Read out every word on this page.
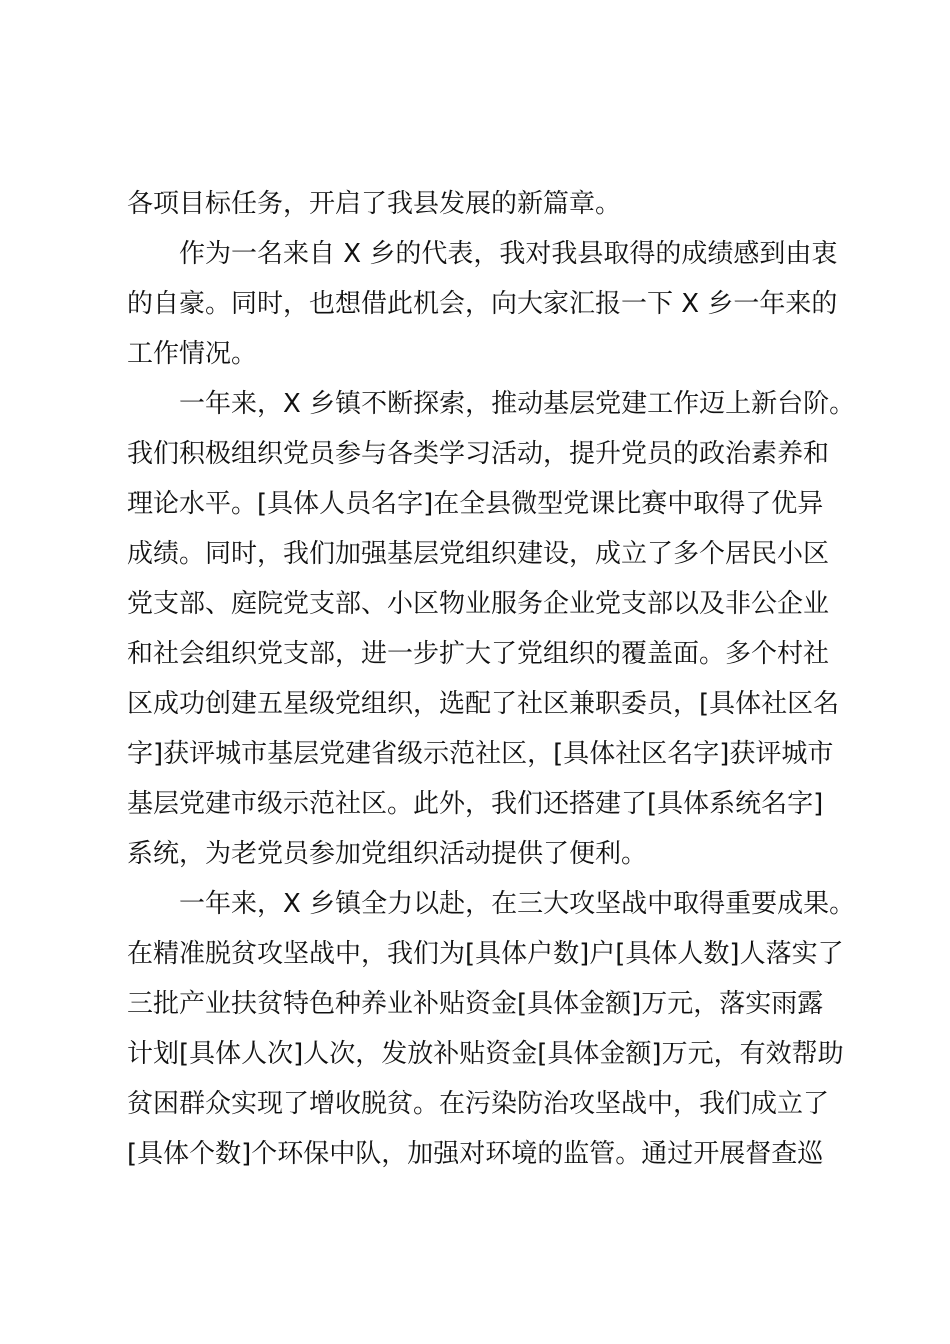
各项目标任务，开启了我县发展的新篇章。
作为一名来自 X 乡的代表，我对我县取得的成绩感到由衷
的自豪。同时，也想借此机会，向大家汇报一下 X 乡一年来的
工作情况。
一年来，X 乡镇不断探索，推动基层党建工作迈上新台阶。
我们积极组织党员参与各类学习活动，提升党员的政治素养和
理论水平。[具体人员名字]在全县微型党课比赛中取得了优异
成绩。同时，我们加强基层党组织建设，成立了多个居民小区
党支部、庭院党支部、小区物业服务企业党支部以及非公企业
和社会组织党支部，进一步扩大了党组织的覆盖面。多个村社
区成功创建五星级党组织，选配了社区兼职委员，[具体社区名
字]获评城市基层党建省级示范社区，[具体社区名字]获评城市
基层党建市级示范社区。此外，我们还搭建了[具体系统名字]
系统，为老党员参加党组织活动提供了便利。
一年来，X 乡镇全力以赴，在三大攻坚战中取得重要成果。
在精准脱贫攻坚战中，我们为[具体户数]户[具体人数]人落实了
三批产业扶贫特色种养业补贴资金[具体金额]万元，落实雨露
计划[具体人次]人次，发放补贴资金[具体金额]万元，有效帮助
贫困群众实现了增收脱贫。在污染防治攻坚战中，我们成立了
[具体个数]个环保中队，加强对环境的监管。通过开展督查巡
